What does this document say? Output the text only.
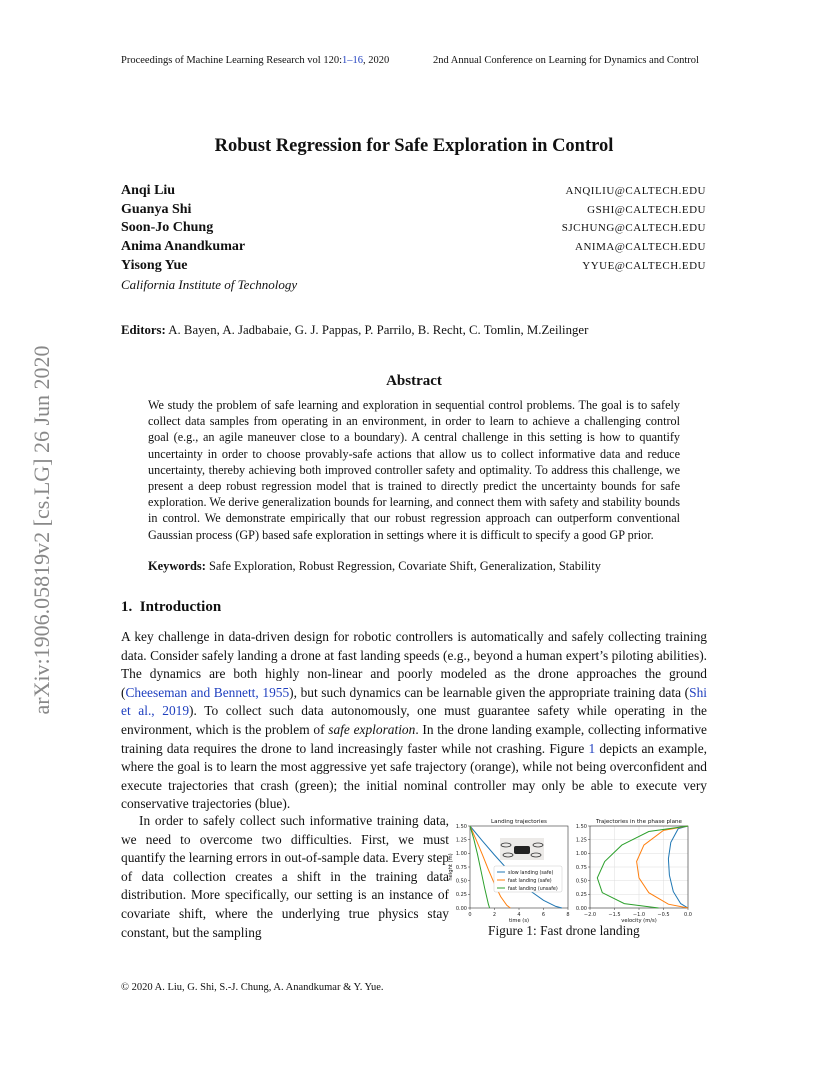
Proceedings of Machine Learning Research vol 120:1–16, 2020	2nd Annual Conference on Learning for Dynamics and Control
arXiv:1906.05819v2 [cs.LG] 26 Jun 2020
Robust Regression for Safe Exploration in Control
Anqi Liu	ANQILIU@CALTECH.EDU
Guanya Shi	GSHI@CALTECH.EDU
Soon-Jo Chung	SJCHUNG@CALTECH.EDU
Anima Anandkumar	ANIMA@CALTECH.EDU
Yisong Yue	YYUE@CALTECH.EDU
California Institute of Technology
Editors: A. Bayen, A. Jadbabaie, G. J. Pappas, P. Parrilo, B. Recht, C. Tomlin, M.Zeilinger
Abstract
We study the problem of safe learning and exploration in sequential control problems. The goal is to safely collect data samples from operating in an environment, in order to learn to achieve a challenging control goal (e.g., an agile maneuver close to a boundary). A central challenge in this setting is how to quantify uncertainty in order to choose provably-safe actions that allow us to collect informative data and reduce uncertainty, thereby achieving both improved controller safety and optimality. To address this challenge, we present a deep robust regression model that is trained to directly predict the uncertainty bounds for safe exploration. We derive generalization bounds for learning, and connect them with safety and stability bounds in control. We demonstrate empirically that our robust regression approach can outperform conventional Gaussian process (GP) based safe exploration in settings where it is difficult to specify a good GP prior.
Keywords: Safe Exploration, Robust Regression, Covariate Shift, Generalization, Stability
1. Introduction
A key challenge in data-driven design for robotic controllers is automatically and safely collecting training data. Consider safely landing a drone at fast landing speeds (e.g., beyond a human expert’s piloting abilities). The dynamics are both highly non-linear and poorly modeled as the drone approaches the ground (Cheeseman and Bennett, 1955), but such dynamics can be learnable given the appropriate training data (Shi et al., 2019). To collect such data autonomously, one must guarantee safety while operating in the environment, which is the problem of safe exploration. In the drone landing example, collecting informative training data requires the drone to land increasingly faster while not crashing. Figure 1 depicts an example, where the goal is to learn the most aggressive yet safe trajectory (orange), while not being overconfident and execute trajectories that crash (green); the initial nominal controller may only be able to execute very conservative trajectories (blue).
In order to safely collect such informative training data, we need to overcome two difficulties. First, we must quantify the learning errors in out-of-sample data. Every step of data collection creates a shift in the training data distribution. More specifically, our setting is an instance of covariate shift, where the underlying true physics stay constant, but the sampling
0.00
0.25
0.50
0.75
1.00
1.25
1.50
0	2	4	6	8
Landing trajectories
time (s)
height (m)	slow landing (safe)
fast landing (safe)
fast landing (unsafe)
0.00
0.25
0.50
0.75
1.00
1.25
1.50
−2.0 −1.5 −1.0 −0.5	0.0
Trajectories in the phase plane
velocity (m/s)
Figure 1: Fast drone landing
© 2020 A. Liu, G. Shi, S.-J. Chung, A. Anandkumar & Y. Yue.
